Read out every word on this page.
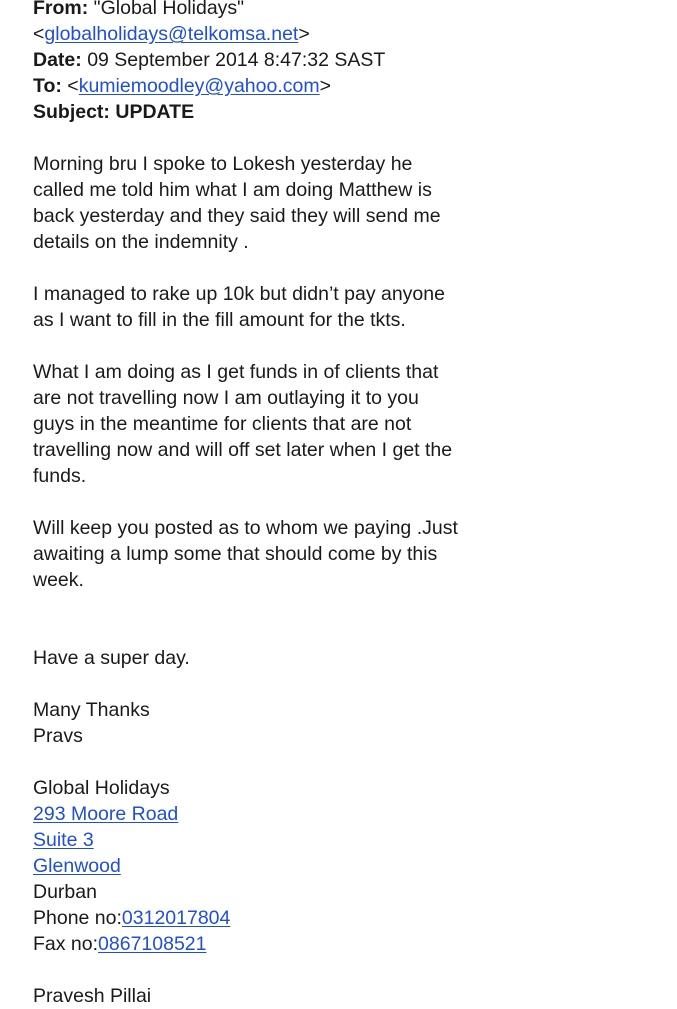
From: "Global Holidays"
<globalholidays@telkomsa.net>
Date: 09 September 2014 8:47:32 SAST
To: <kumiemoodley@yahoo.com>
Subject: UPDATE
Morning bru I spoke to Lokesh yesterday he
called me told him what I am doing Matthew is
back yesterday and they said they will send me
details on the indemnity .
I managed to rake up 10k but didn’t pay anyone
as I want to fill in the fill amount for the tkts.
What I am doing as I get funds in of clients that
are not travelling now I am outlaying it to you
guys in the meantime for clients that are not
travelling now and will off set later when I get the
funds.
Will keep you posted as to whom we paying .Just
awaiting a lump some that should come by this
week.
Have a super day.
Many Thanks
Pravs
Global Holidays
293 Moore Road
Suite 3
Glenwood
Durban
Phone no:0312017804
Fax no:0867108521
Pravesh Pillai
